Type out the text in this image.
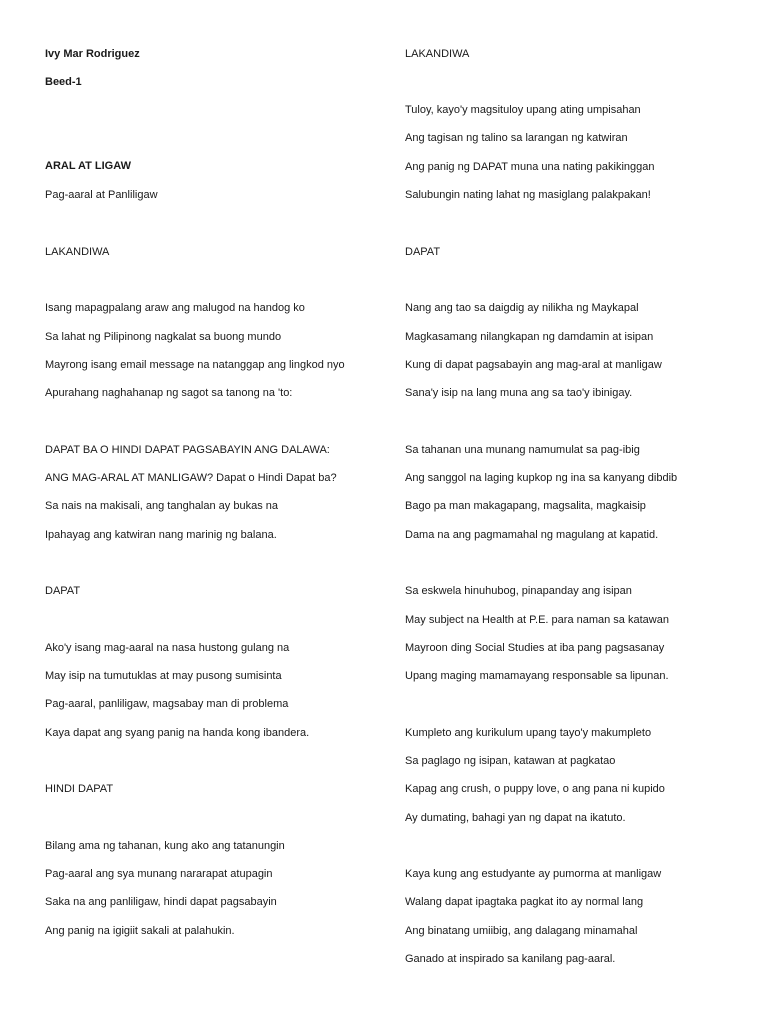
Ivy Mar Rodriguez
Beed-1
ARAL AT LIGAW
Pag-aaral at Panliligaw
LAKANDIWA
Isang mapagpalang araw ang malugod na handog ko
Sa lahat ng Pilipinong nagkalat sa buong mundo
Mayrong isang email message na natanggap ang lingkod nyo
Apurahang naghahanap ng sagot sa tanong na 'to:
DAPAT BA O HINDI DAPAT PAGSABAYIN ANG DALAWA:
ANG MAG-ARAL AT MANLIGAW? Dapat o Hindi Dapat ba?
Sa nais na makisali, ang tanghalan ay bukas na
Ipahayag ang katwiran nang marinig ng balana.
DAPAT
Ako'y isang mag-aaral na nasa hustong gulang na
May isip na tumutuklas at may pusong sumisinta
Pag-aaral, panliligaw, magsabay man di problema
Kaya dapat ang syang panig na handa kong ibandera.
HINDI DAPAT
Bilang ama ng tahanan, kung ako ang tatanungin
Pag-aaral ang sya munang nararapat atupagin
Saka na ang panliligaw, hindi dapat pagsabayin
Ang panig na igigiit sakali at palahukin.
LAKANDIWA
Tuloy, kayo'y magsituloy upang ating umpisahan
Ang tagisan ng talino sa larangan ng katwiran
Ang panig ng DAPAT muna una nating pakikinggan
Salubungin nating lahat ng masiglang palakpakan!
DAPAT
Nang ang tao sa daigdig ay nilikha ng Maykapal
Magkasamang nilangkapan ng damdamin at isipan
Kung di dapat pagsabayin ang mag-aral at manligaw
Sana'y isip na lang muna ang sa tao'y ibinigay.
Sa tahanan una munang namumulat sa pag-ibig
Ang sanggol na laging kupkop ng ina sa kanyang dibdib
Bago pa man makagapang, magsalita, magkaisip
Dama na ang pagmamahal ng magulang at kapatid.
Sa eskwela hinuhubog, pinapanday ang isipan
May subject na Health at P.E. para naman sa katawan
Mayroon ding Social Studies at iba pang pagsasanay
Upang maging mamamayang responsable sa lipunan.
Kumpleto ang kurikulum upang tayo'y makumpleto
Sa paglago ng isipan, katawan at pagkatao
Kapag ang crush, o puppy love, o ang pana ni kupido
Ay dumating, bahagi yan ng dapat na ikatuto.
Kaya kung ang estudyante ay pumorma at manligaw
Walang dapat ipagtaka pagkat ito ay normal lang
Ang binatang umiibig, ang dalagang minamahal
Ganado at inspirado sa kanilang pag-aaral.
